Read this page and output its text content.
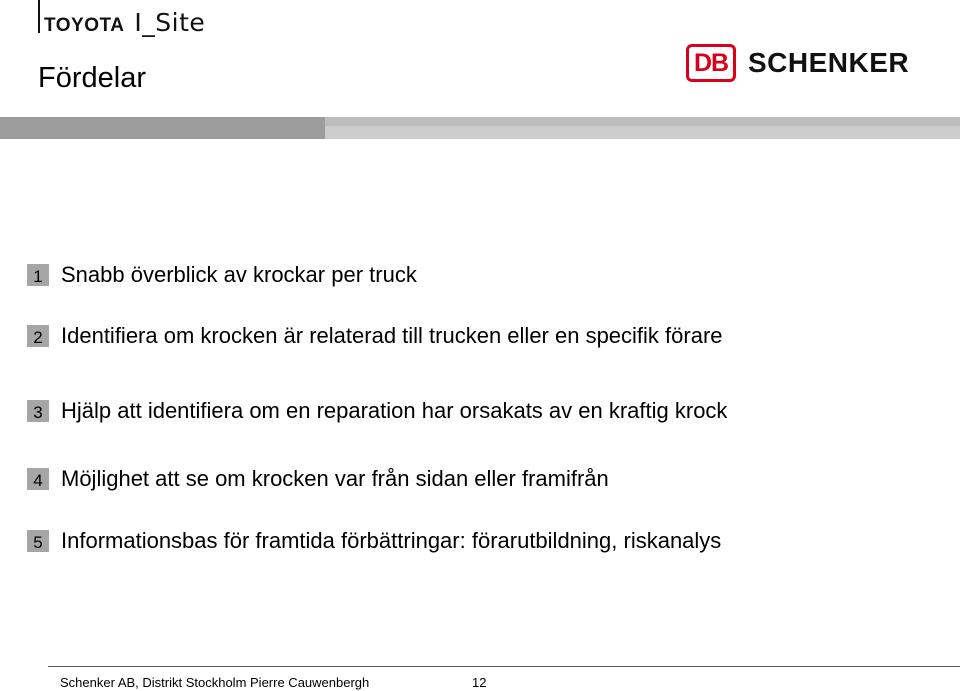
TOYOTA I_Site
Fördelar	DB SCHENKER
1 Snabb överblick av krockar per truck
2 Identifiera om krocken är relaterad till trucken eller en specifik förare
3 Hjälp att identifiera om en reparation har orsakats av en kraftig krock
4 Möjlighet att se om krocken var från sidan eller framifrån
5 Informationsbas för framtida förbättringar: förarutbildning, riskanalys
Schenker AB, Distrikt Stockholm Pierre Cauwenbergh	12
